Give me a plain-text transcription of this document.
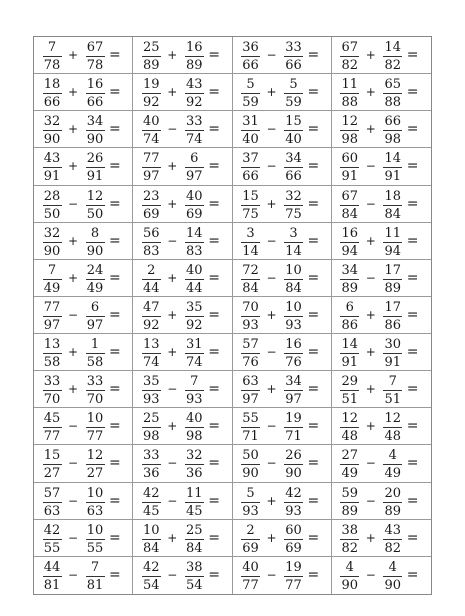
7
78
+ 67
78
= 25
89
+ 16
89
= 36
66
− 33
66
= 67
82
+ 14
82
=
18
66
+ 16
66
= 19
92
+ 43
92
= 5
59
+ 5
59
= 11
88
+ 65
88
=
32
90
+ 34
90
= 40
74
− 33
74
= 31
40
− 15
40
= 12
98
+ 66
98
=
43
91
+ 26
91
= 77
97
+ 6
97
= 37
66
− 34
66
= 60
91
− 14
91
=
28
50
− 12
50
= 23
69
+ 40
69
= 15
75
+ 32
75
= 67
84
− 18
84
=
32
90
+ 8
90
= 56
83
− 14
83
= 3
14
− 3
14
= 16
94
+ 11
94
=
7
49
+ 24
49
= 2
44
+ 40
44
= 72
84
− 10
84
= 34
89
− 17
89
=
77
97
− 6
97
= 47
92
+ 35
92
= 70
93
+ 10
93
= 6
86
+ 17
86
=
13
58
+ 1
58
= 13
74
+ 31
74
= 57
76
− 16
76
= 14
91
+ 30
91
=
33
70
+ 33
70
= 35
93
− 7
93
= 63
97
+ 34
97
= 29
51
+ 7
51
=
45
77
− 10
77
= 25
98
+ 40
98
= 55
71
− 19
71
= 12
48
+ 12
48
=
15
27
− 12
27
= 33
36
− 32
36
= 50
90
− 26
90
= 27
49
− 4
49
=
57
63
− 10
63
= 42
45
− 11
45
= 5
93
+ 42
93
= 59
89
− 20
89
=
42
55
− 10
55
= 10
84
+ 25
84
= 2
69
+ 60
69
= 38
82
+ 43
82
=
44
81
− 7
81
= 42
54
− 38
54
= 40
77
− 19
77
= 4
90
− 4
90
=
